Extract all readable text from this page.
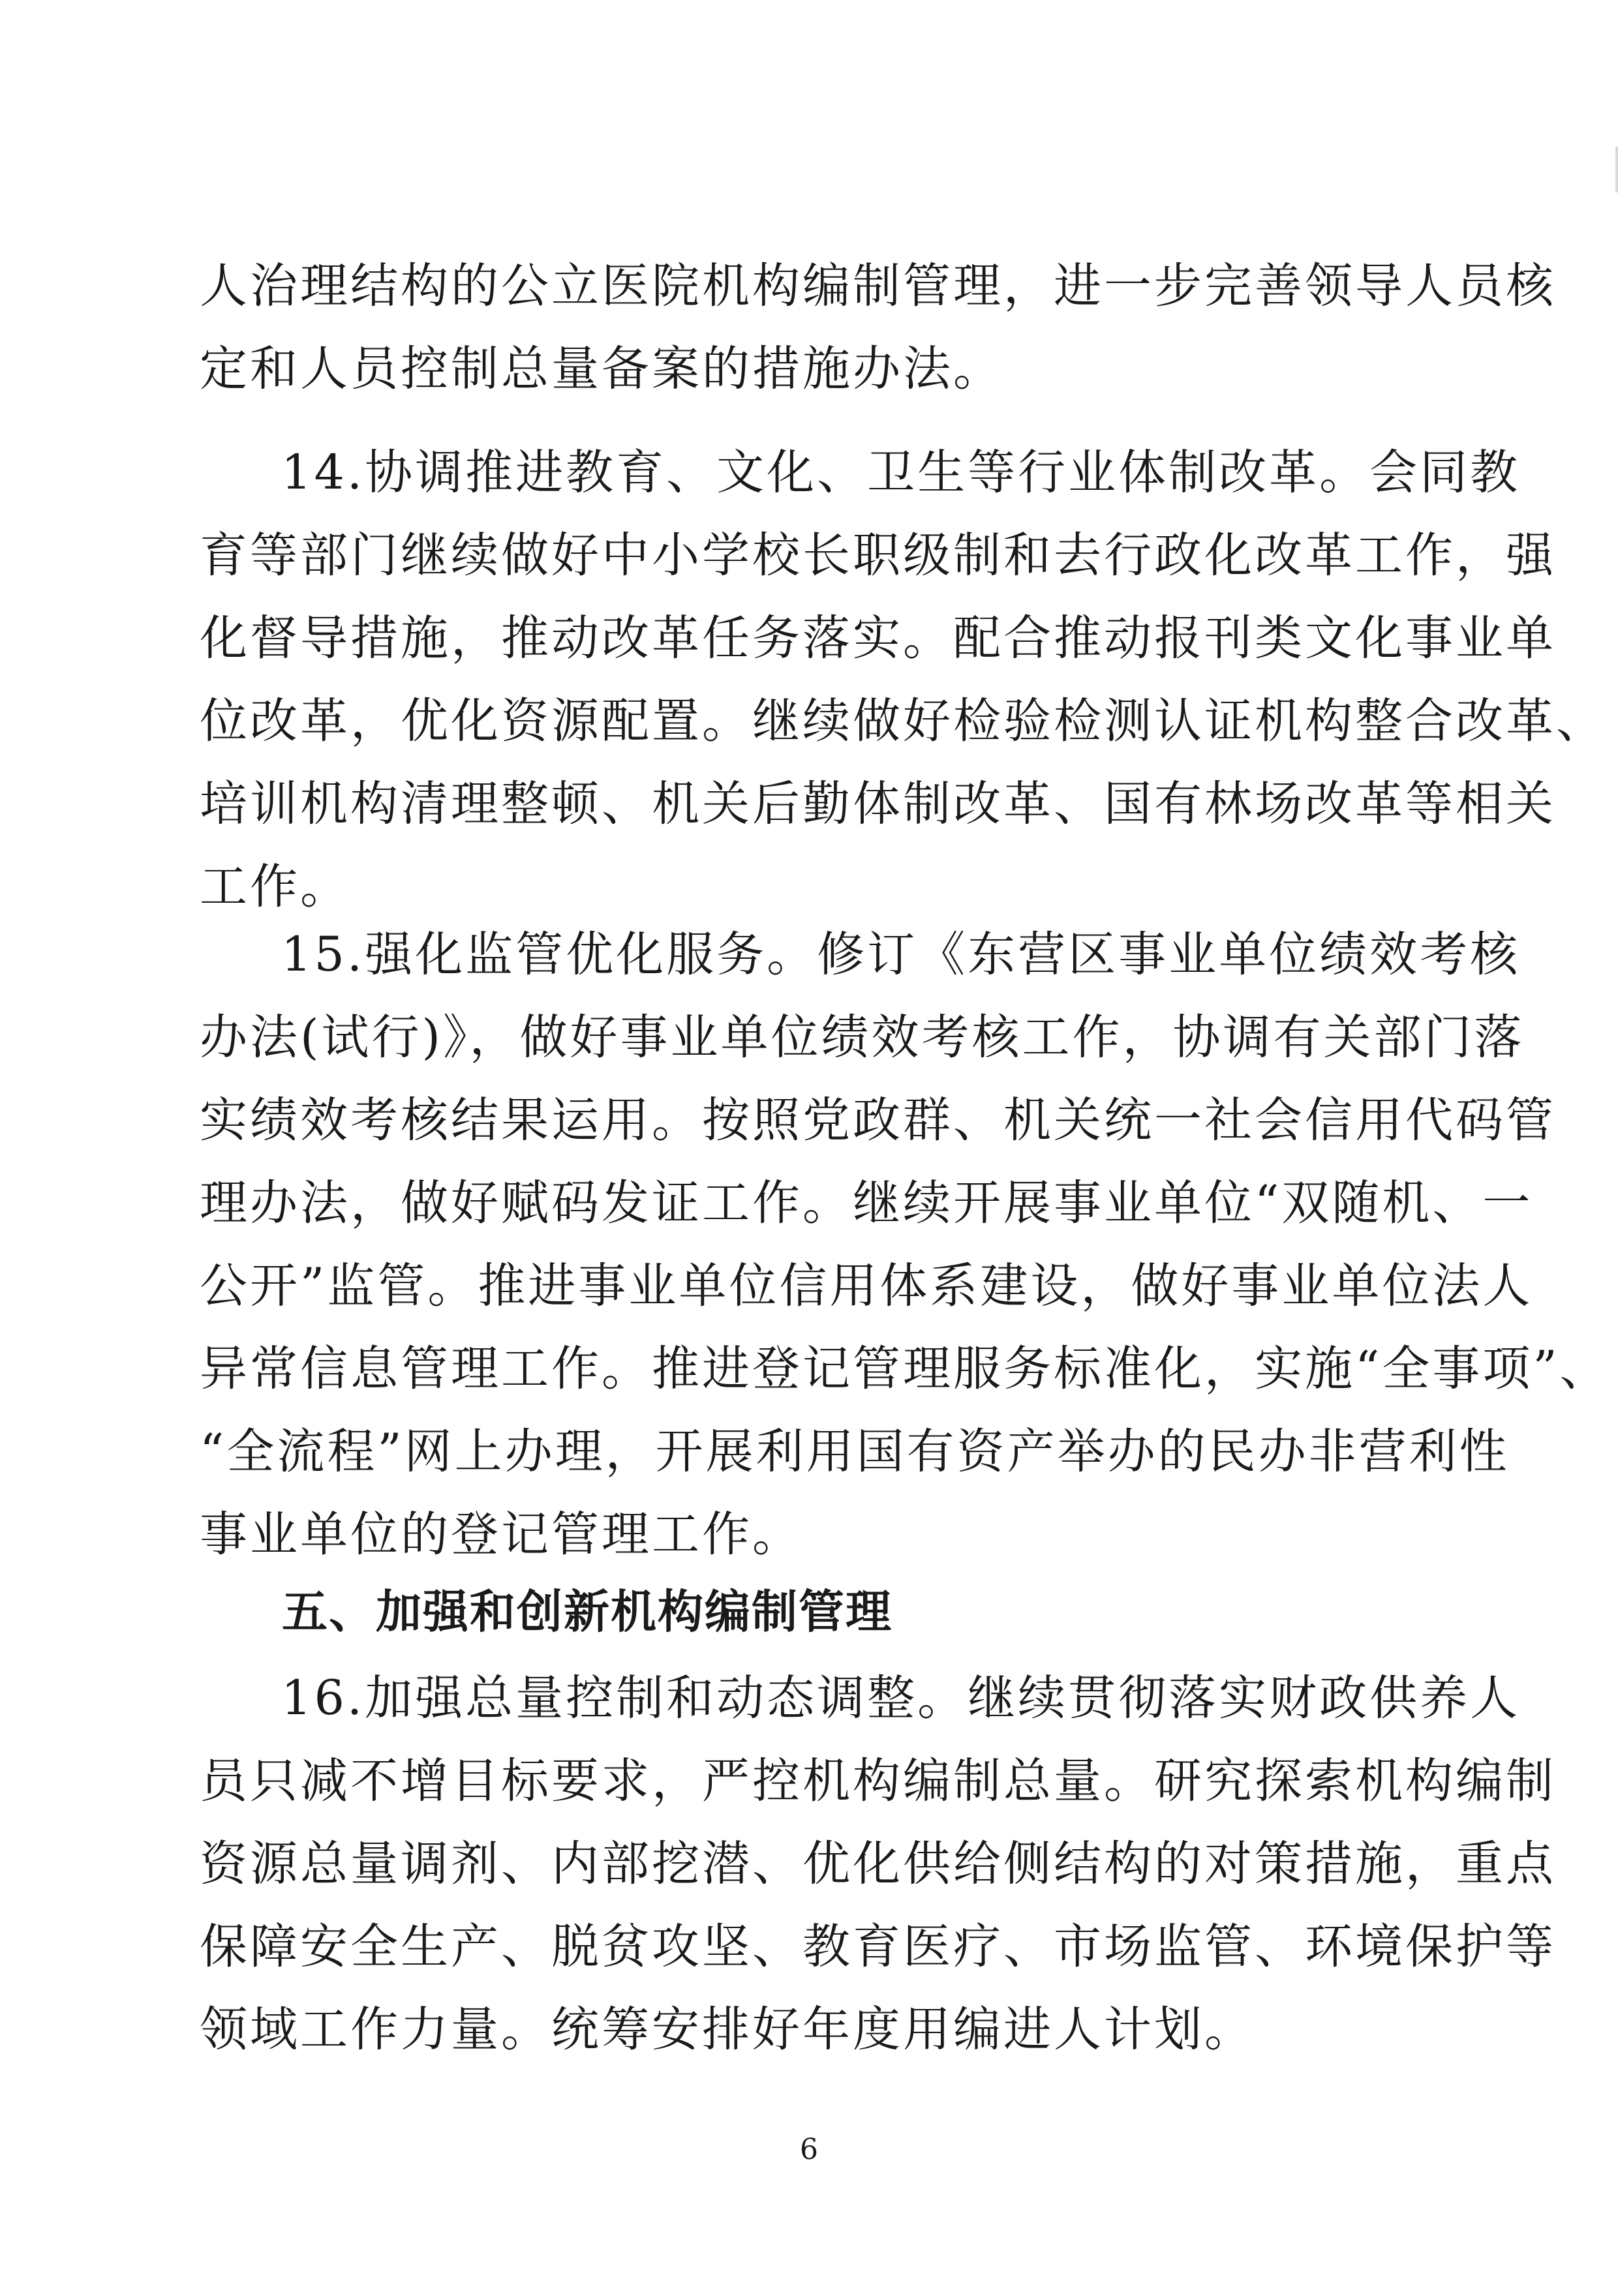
人治理结构的公立医院机构编制管理，进一步完善领导人员核
定和人员控制总量备案的措施办法。

14.协调推进教育、文化、卫生等行业体制改革。会同教
育等部门继续做好中小学校长职级制和去行政化改革工作，强
化督导措施，推动改革任务落实。配合推动报刊类文化事业单
位改革，优化资源配置。继续做好检验检测认证机构整合改革、
培训机构清理整顿、机关后勤体制改革、国有林场改革等相关
工作。

15.强化监管优化服务。修订《东营区事业单位绩效考核
办法(试行)》，做好事业单位绩效考核工作，协调有关部门落
实绩效考核结果运用。按照党政群、机关统一社会信用代码管
理办法，做好赋码发证工作。继续开展事业单位“双随机、一
公开”监管。推进事业单位信用体系建设，做好事业单位法人
异常信息管理工作。推进登记管理服务标准化，实施“全事项”、
“全流程”网上办理，开展利用国有资产举办的民办非营利性
事业单位的登记管理工作。

五、加强和创新机构编制管理

16.加强总量控制和动态调整。继续贯彻落实财政供养人
员只减不增目标要求，严控机构编制总量。研究探索机构编制
资源总量调剂、内部挖潜、优化供给侧结构的对策措施，重点
保障安全生产、脱贫攻坚、教育医疗、市场监管、环境保护等
领域工作力量。统筹安排好年度用编进人计划。

6
